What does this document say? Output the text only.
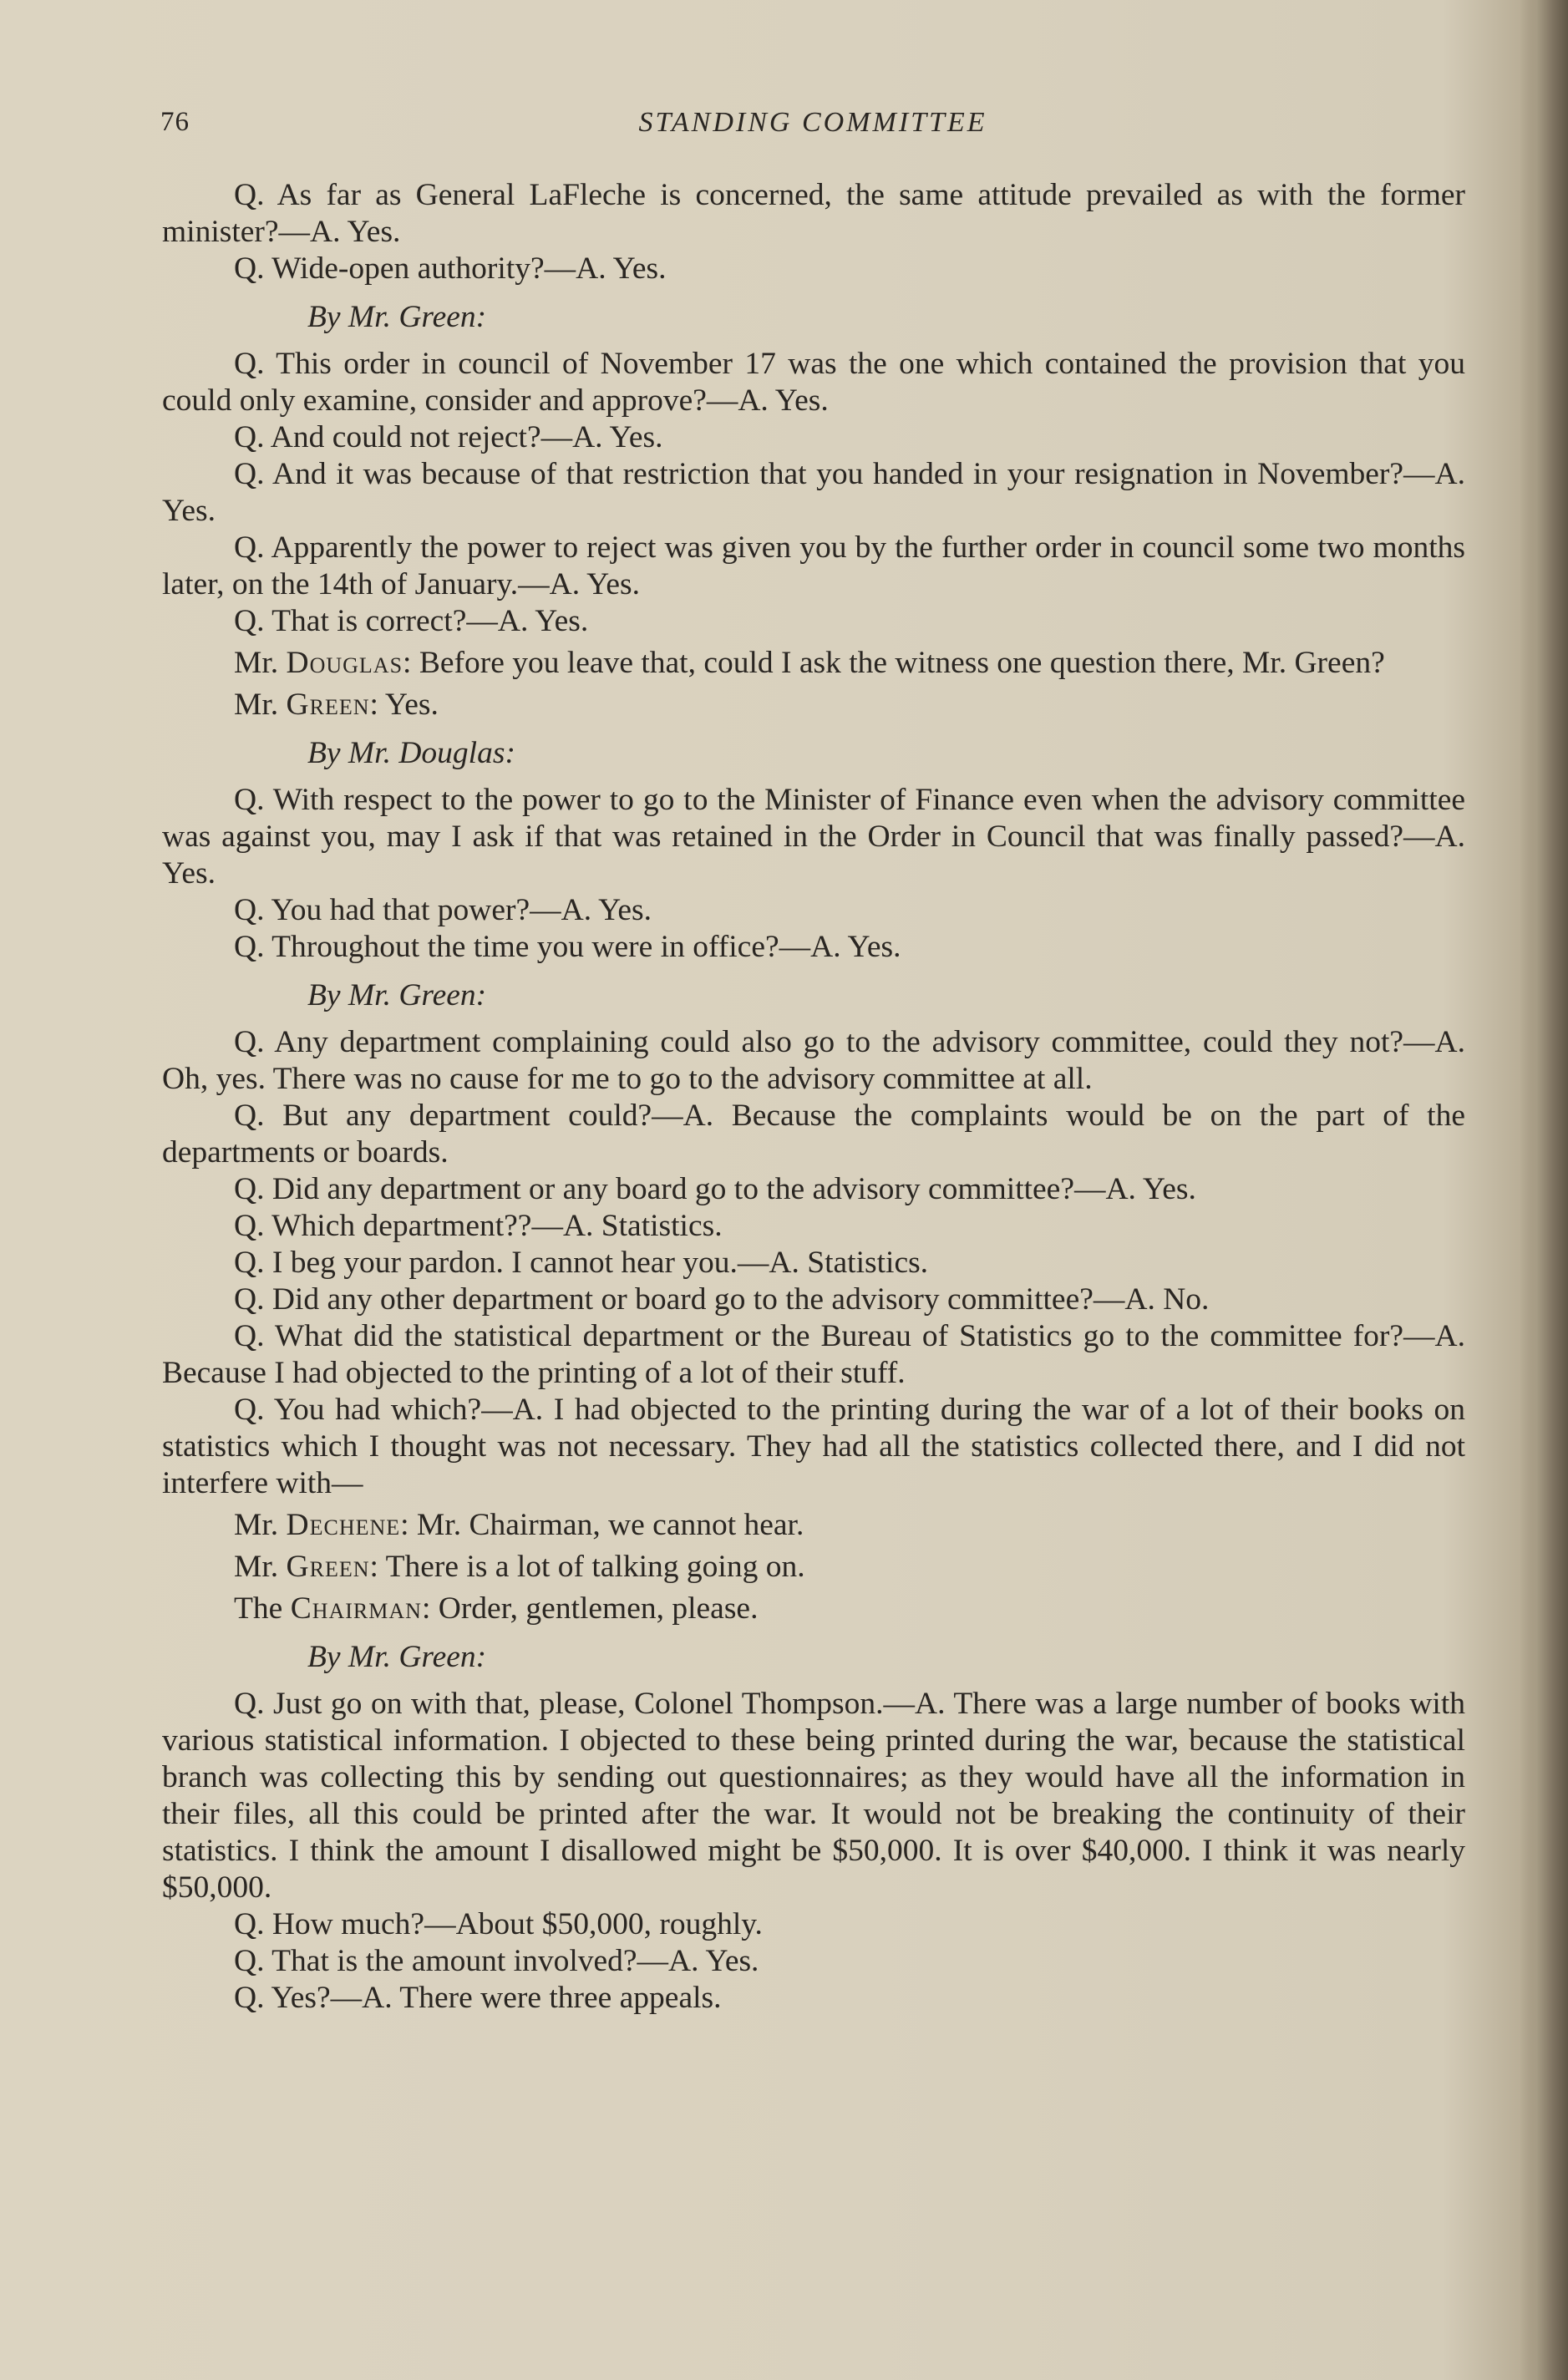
76	STANDING COMMITTEE

Q. As far as General LaFleche is concerned, the same attitude prevailed as with the former minister?—A. Yes.

Q. Wide-open authority?—A. Yes.

By Mr. Green:

Q. This order in council of November 17 was the one which contained the provision that you could only examine, consider and approve?—A. Yes.

Q. And could not reject?—A. Yes.

Q. And it was because of that restriction that you handed in your resignation in November?—A. Yes.

Q. Apparently the power to reject was given you by the further order in council some two months later, on the 14th of January.—A. Yes.

Q. That is correct?—A. Yes.

Mr. Douglas: Before you leave that, could I ask the witness one question there, Mr. Green?

Mr. Green: Yes.

By Mr. Douglas:

Q. With respect to the power to go to the Minister of Finance even when the advisory committee was against you, may I ask if that was retained in the Order in Council that was finally passed?—A. Yes.

Q. You had that power?—A. Yes.

Q. Throughout the time you were in office?—A. Yes.

By Mr. Green:

Q. Any department complaining could also go to the advisory committee, could they not?—A. Oh, yes. There was no cause for me to go to the advisory committee at all.

Q. But any department could?—A. Because the complaints would be on the part of the departments or boards.

Q. Did any department or any board go to the advisory committee?—A. Yes.

Q. Which department??—A. Statistics.

Q. I beg your pardon. I cannot hear you.—A. Statistics.

Q. Did any other department or board go to the advisory committee?—A. No.

Q. What did the statistical department or the Bureau of Statistics go to the committee for?—A. Because I had objected to the printing of a lot of their stuff.

Q. You had which?—A. I had objected to the printing during the war of a lot of their books on statistics which I thought was not necessary. They had all the statistics collected there, and I did not interfere with—

Mr. Dechene: Mr. Chairman, we cannot hear.

Mr. Green: There is a lot of talking going on.

The Chairman: Order, gentlemen, please.

By Mr. Green:

Q. Just go on with that, please, Colonel Thompson.—A. There was a large number of books with various statistical information. I objected to these being printed during the war, because the statistical branch was collecting this by sending out questionnaires; as they would have all the information in their files, all this could be printed after the war. It would not be breaking the continuity of their statistics. I think the amount I disallowed might be $50,000. It is over $40,000. I think it was nearly $50,000.

Q. How much?—About $50,000, roughly.

Q. That is the amount involved?—A. Yes.

Q. Yes?—A. There were three appeals.
